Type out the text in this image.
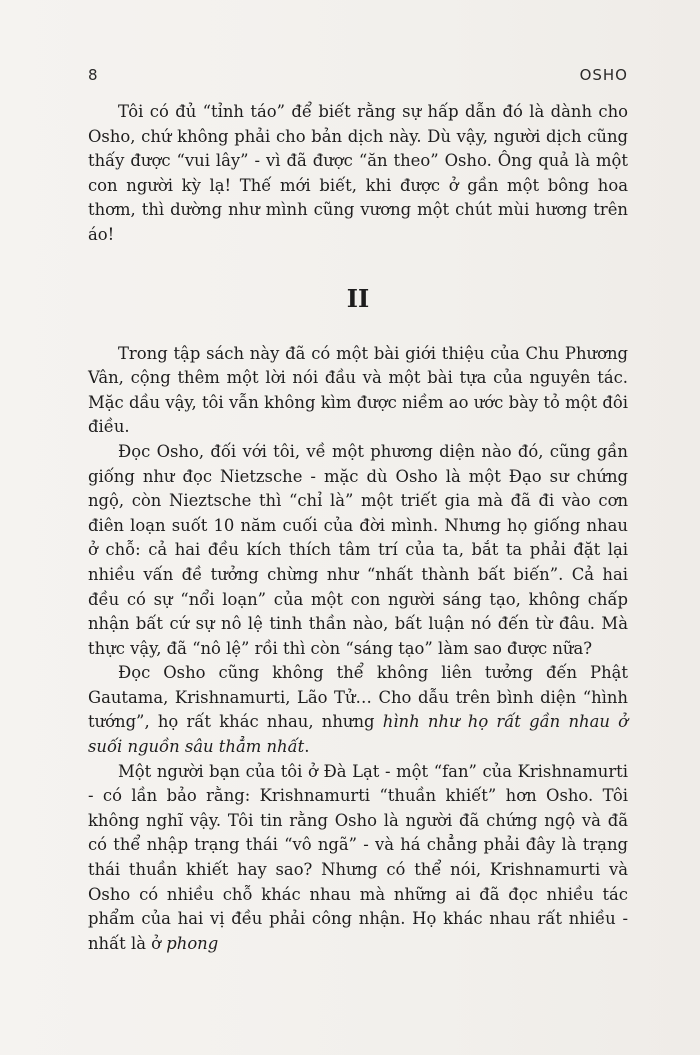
8	OSHO

Tôi có đủ “tỉnh táo” để biết rằng sự hấp dẫn đó là dành cho Osho, chứ không phải cho bản dịch này. Dù vậy, người dịch cũng thấy được “vui lây” - vì đã được “ăn theo” Osho. Ông quả là một con người kỳ lạ! Thế mới biết, khi được ở gần một bông hoa thơm, thì dường như mình cũng vương một chút mùi hương trên áo!

II

Trong tập sách này đã có một bài giới thiệu của Chu Phương Vân, cộng thêm một lời nói đầu và một bài tựa của nguyên tác. Mặc dầu vậy, tôi vẫn không kìm được niềm ao ước bày tỏ một đôi điều.

Đọc Osho, đối với tôi, về một phương diện nào đó, cũng gần giống như đọc Nietzsche - mặc dù Osho là một Đạo sư chứng ngộ, còn Nieztsche thì “chỉ là” một triết gia mà đã đi vào cơn điên loạn suốt 10 năm cuối của đời mình. Nhưng họ giống nhau ở chỗ: cả hai đều kích thích tâm trí của ta, bắt ta phải đặt lại nhiều vấn đề tưởng chừng như “nhất thành bất biến”. Cả hai đều có sự “nổi loạn” của một con người sáng tạo, không chấp nhận bất cứ sự nô lệ tinh thần nào, bất luận nó đến từ đâu. Mà thực vậy, đã “nô lệ” rồi thì còn “sáng tạo” làm sao được nữa?

Đọc Osho cũng không thể không liên tưởng đến Phật Gautama, Krishnamurti, Lão Tử… Cho dẫu trên bình diện “hình tướng”, họ rất khác nhau, nhưng hình như họ rất gần nhau ở suối nguồn sâu thẳm nhất.

Một người bạn của tôi ở Đà Lạt - một “fan” của Krishnamurti - có lần bảo rằng: Krishnamurti “thuần khiết” hơn Osho. Tôi không nghĩ vậy. Tôi tin rằng Osho là người đã chứng ngộ và đã có thể nhập trạng thái “vô ngã” - và há chẳng phải đây là trạng thái thuần khiết hay sao? Nhưng có thể nói, Krishnamurti và Osho có nhiều chỗ khác nhau mà những ai đã đọc nhiều tác phẩm của hai vị đều phải công nhận. Họ khác nhau rất nhiều - nhất là ở phong
